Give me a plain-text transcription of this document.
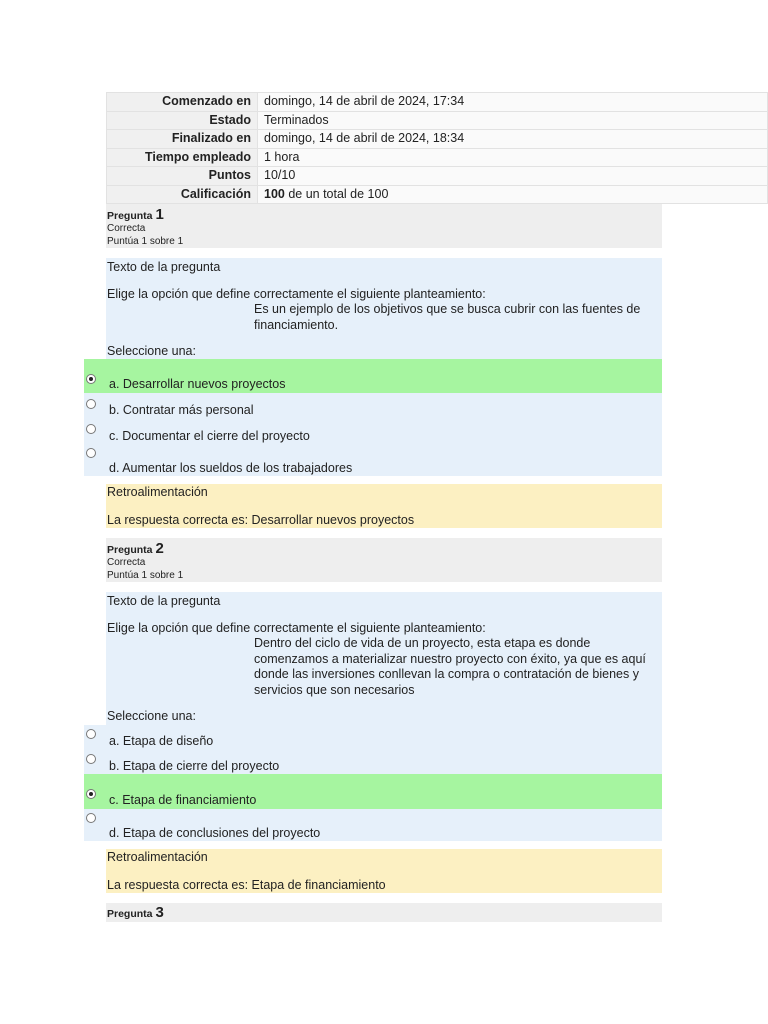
Comenzado en	domingo, 14 de abril de 2024, 17:34
Estado	Terminados
Finalizado en	domingo, 14 de abril de 2024, 18:34
Tiempo empleado	1 hora
Puntos	10/10
Calificación	100 de un total de 100
Pregunta 1
Correcta
Puntúa 1 sobre 1
Texto de la pregunta
Elige la opción que define correctamente el siguiente planteamiento:
Es un ejemplo de los objetivos que se busca cubrir con las fuentes de financiamiento.
Seleccione una:
a. Desarrollar nuevos proyectos
b. Contratar más personal
c. Documentar el cierre del proyecto
d. Aumentar los sueldos de los trabajadores
Retroalimentación
La respuesta correcta es: Desarrollar nuevos proyectos
Pregunta 2
Correcta
Puntúa 1 sobre 1
Texto de la pregunta
Elige la opción que define correctamente el siguiente planteamiento:
Dentro del ciclo de vida de un proyecto, esta etapa es donde comenzamos a materializar nuestro proyecto con éxito, ya que es aquí donde las inversiones conllevan la compra o contratación de bienes y servicios que son necesarios
Seleccione una:
a. Etapa de diseño
b. Etapa de cierre del proyecto
c. Etapa de financiamiento
d. Etapa de conclusiones del proyecto
Retroalimentación
La respuesta correcta es: Etapa de financiamiento
Pregunta 3
